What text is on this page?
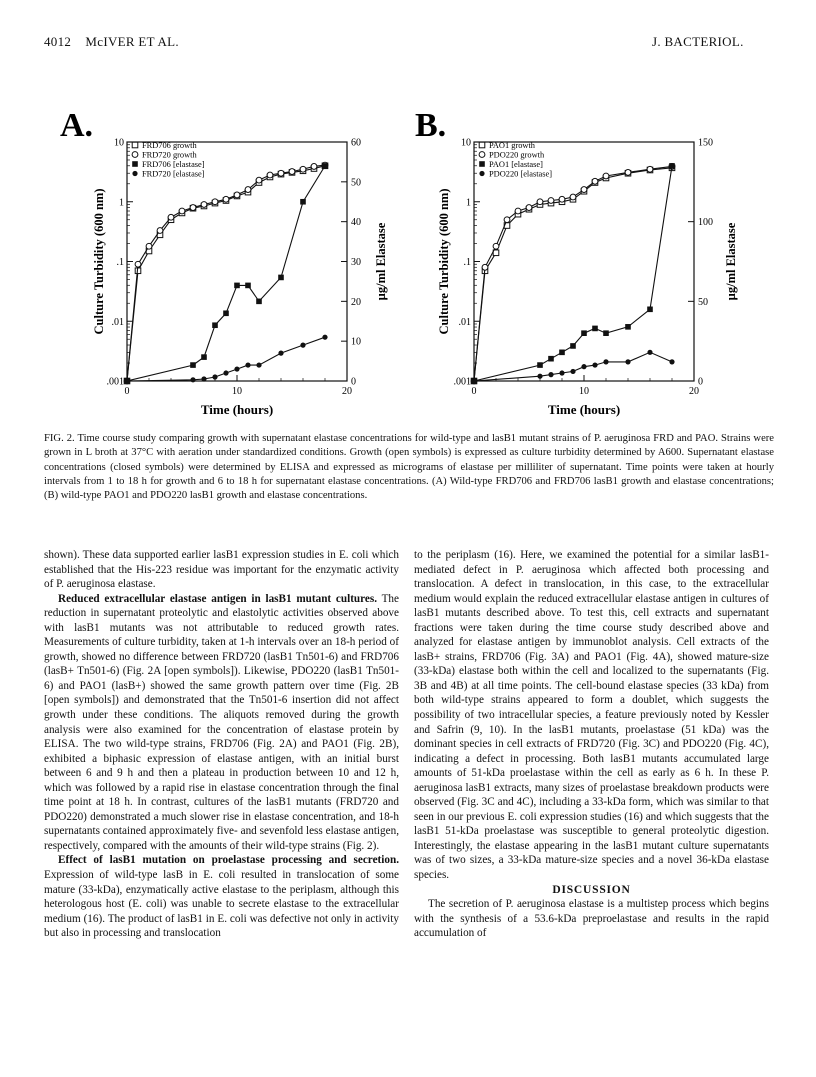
4012 McIVER ET AL.	J. BACTERIOL.
A. 10
1
.1
.01
.001
60
50
40
30
20
10
0
0	10	20
Time (hours)
Culture Turbidity (600 nm)	µg/ml Elastase
FRD706 growth
FRD720 growth
FRD706 [elastase]
FRD720 [elastase]
B. 10
1
.1
.01
.001
150
100
50
0
0	10	20
Time (hours)
Culture Turbidity (600 nm)	µg/ml Elastase
PAO1 growth
PDO220 growth
PAO1 [elastase]
PDO220 [elastase]
FIG. 2. Time course study comparing growth with supernatant elastase concentrations for wild-type and lasB1 mutant strains of P. aeruginosa FRD and PAO. Strains were grown in L broth at 37°C with aeration under standardized conditions. Growth (open symbols) is expressed as culture turbidity determined by A600. Supernatant elastase concentrations (closed symbols) were determined by ELISA and expressed as micrograms of elastase per milliliter of supernatant. Time points were taken at hourly intervals from 1 to 18 h for growth and 6 to 18 h for supernatant elastase concentrations. (A) Wild-type FRD706 and FRD706 lasB1 growth and elastase concentrations; (B) wild-type PAO1 and PDO220 lasB1 growth and elastase concentrations.

shown). These data supported earlier lasB1 expression studies in E. coli which established that the His-223 residue was important for the enzymatic activity of P. aeruginosa elastase.

Reduced extracellular elastase antigen in lasB1 mutant cultures. The reduction in supernatant proteolytic and elastolytic activities observed above with lasB1 mutants was not attributable to reduced growth rates. Measurements of culture turbidity, taken at 1-h intervals over an 18-h period of growth, showed no difference between FRD720 (lasB1 Tn501-6) and FRD706 (lasB+ Tn501-6) (Fig. 2A [open symbols]). Likewise, PDO220 (lasB1 Tn501-6) and PAO1 (lasB+) showed the same growth pattern over time (Fig. 2B [open symbols]) and demonstrated that the Tn501-6 insertion did not affect growth under these conditions. The aliquots removed during the growth analysis were also examined for the concentration of elastase protein by ELISA. The two wild-type strains, FRD706 (Fig. 2A) and PAO1 (Fig. 2B), exhibited a biphasic expression of elastase antigen, with an initial burst between 6 and 9 h and then a plateau in production between 10 and 12 h, which was followed by a rapid rise in elastase concentration through the final time point at 18 h. In contrast, cultures of the lasB1 mutants (FRD720 and PDO220) demonstrated a much slower rise in elastase concentration, and 18-h supernatants contained approximately five- and sevenfold less elastase antigen, respectively, compared with the amounts of their wild-type strains (Fig. 2).

Effect of lasB1 mutation on proelastase processing and secretion. Expression of wild-type lasB in E. coli resulted in translocation of some mature (33-kDa), enzymatically active elastase to the periplasm, although this heterologous host (E. coli) was unable to secrete elastase to the extracellular medium (16). The product of lasB1 in E. coli was defective not only in activity but also in processing and translocation

to the periplasm (16). Here, we examined the potential for a similar lasB1-mediated defect in P. aeruginosa which affected both processing and translocation. A defect in translocation, in this case, to the extracellular medium would explain the reduced extracellular elastase antigen in cultures of lasB1 mutants described above. To test this, cell extracts and supernatant fractions were taken during the time course study described above and analyzed for elastase antigen by immunoblot analysis. Cell extracts of the lasB+ strains, FRD706 (Fig. 3A) and PAO1 (Fig. 4A), showed mature-size (33-kDa) elastase both within the cell and localized to the supernatants (Fig. 3B and 4B) at all time points. The cell-bound elastase species (33 kDa) from both wild-type strains appeared to form a doublet, which suggests the possibility of two intracellular species, a feature previously noted by Kessler and Safrin (9, 10). In the lasB1 mutants, proelastase (51 kDa) was the dominant species in cell extracts of FRD720 (Fig. 3C) and PDO220 (Fig. 4C), indicating a defect in processing. Both lasB1 mutants accumulated large amounts of 51-kDa proelastase within the cell as early as 6 h. In these P. aeruginosa lasB1 extracts, many sizes of proelastase breakdown products were observed (Fig. 3C and 4C), including a 33-kDa form, which was similar to that seen in our previous E. coli expression studies (16) and which suggests that the lasB1 51-kDa proelastase was susceptible to general proteolytic digestion. Interestingly, the elastase appearing in the lasB1 mutant culture supernatants was of two sizes, a 33-kDa mature-size species and a novel 36-kDa elastase species.

DISCUSSION

The secretion of P. aeruginosa elastase is a multistep process which begins with the synthesis of a 53.6-kDa preproelastase and results in the rapid accumulation of
